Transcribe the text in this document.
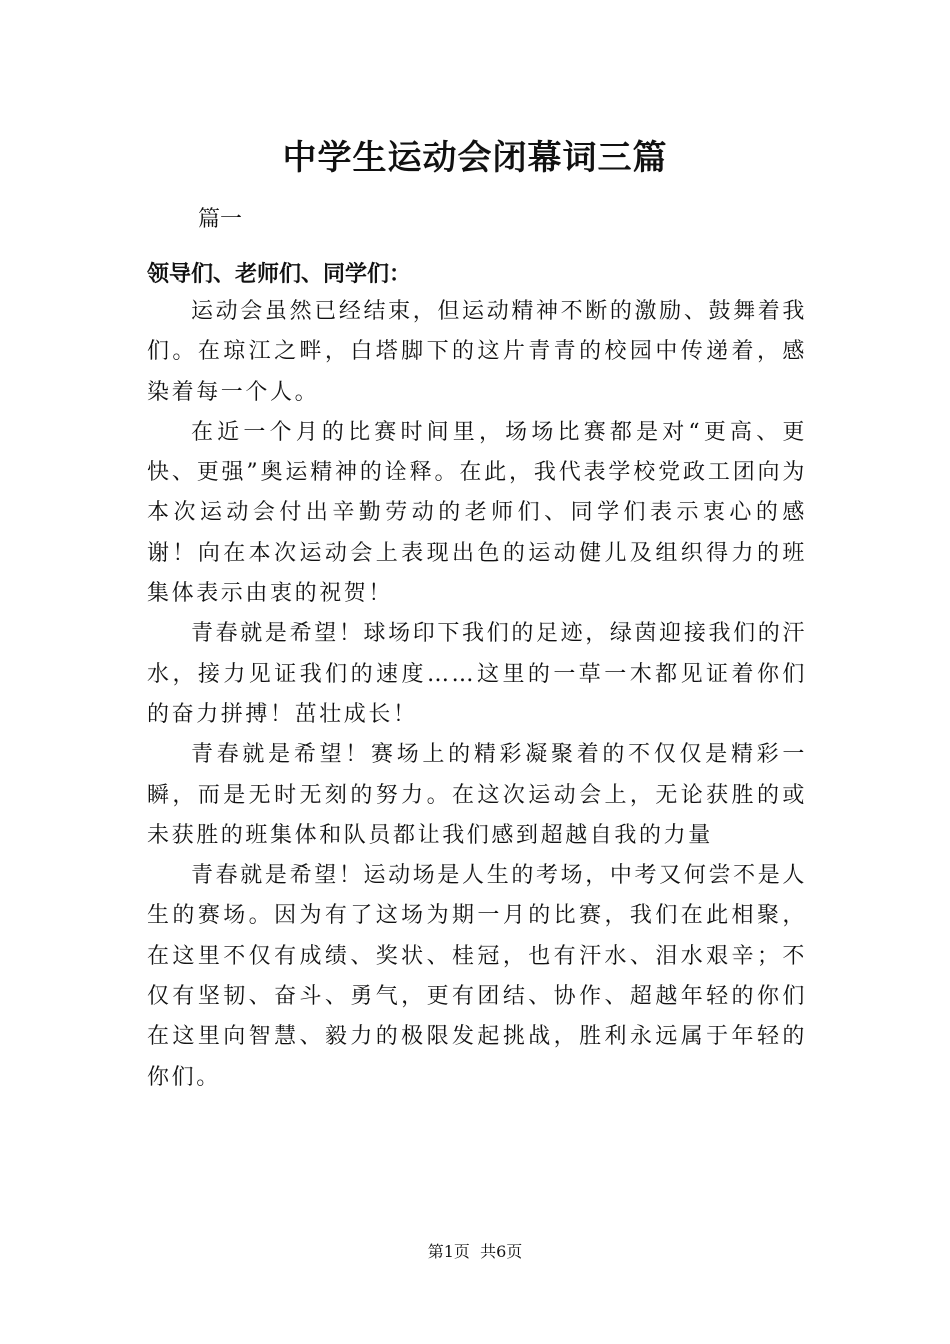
中学生运动会闭幕词三篇

篇一

领导们、老师们、同学们：

运动会虽然已经结束，但运动精神不断的激励、鼓舞着我们。在琼江之畔，白塔脚下的这片青青的校园中传递着，感染着每一个人。

在近一个月的比赛时间里，场场比赛都是对“更高、更快、更强”奥运精神的诠释。在此，我代表学校党政工团向为本次运动会付出辛勤劳动的老师们、同学们表示衷心的感谢！向在本次运动会上表现出色的运动健儿及组织得力的班集体表示由衷的祝贺！

青春就是希望！球场印下我们的足迹，绿茵迎接我们的汗水，接力见证我们的速度……这里的一草一木都见证着你们的奋力拼搏！茁壮成长！

青春就是希望！赛场上的精彩凝聚着的不仅仅是精彩一瞬，而是无时无刻的努力。在这次运动会上，无论获胜的或未获胜的班集体和队员都让我们感到超越自我的力量

青春就是希望！运动场是人生的考场，中考又何尝不是人生的赛场。因为有了这场为期一月的比赛，我们在此相聚，在这里不仅有成绩、奖状、桂冠，也有汗水、泪水艰辛；不仅有坚韧、奋斗、勇气，更有团结、协作、超越年轻的你们在这里向智慧、毅力的极限发起挑战，胜利永远属于年轻的你们。

第1页 共6页
